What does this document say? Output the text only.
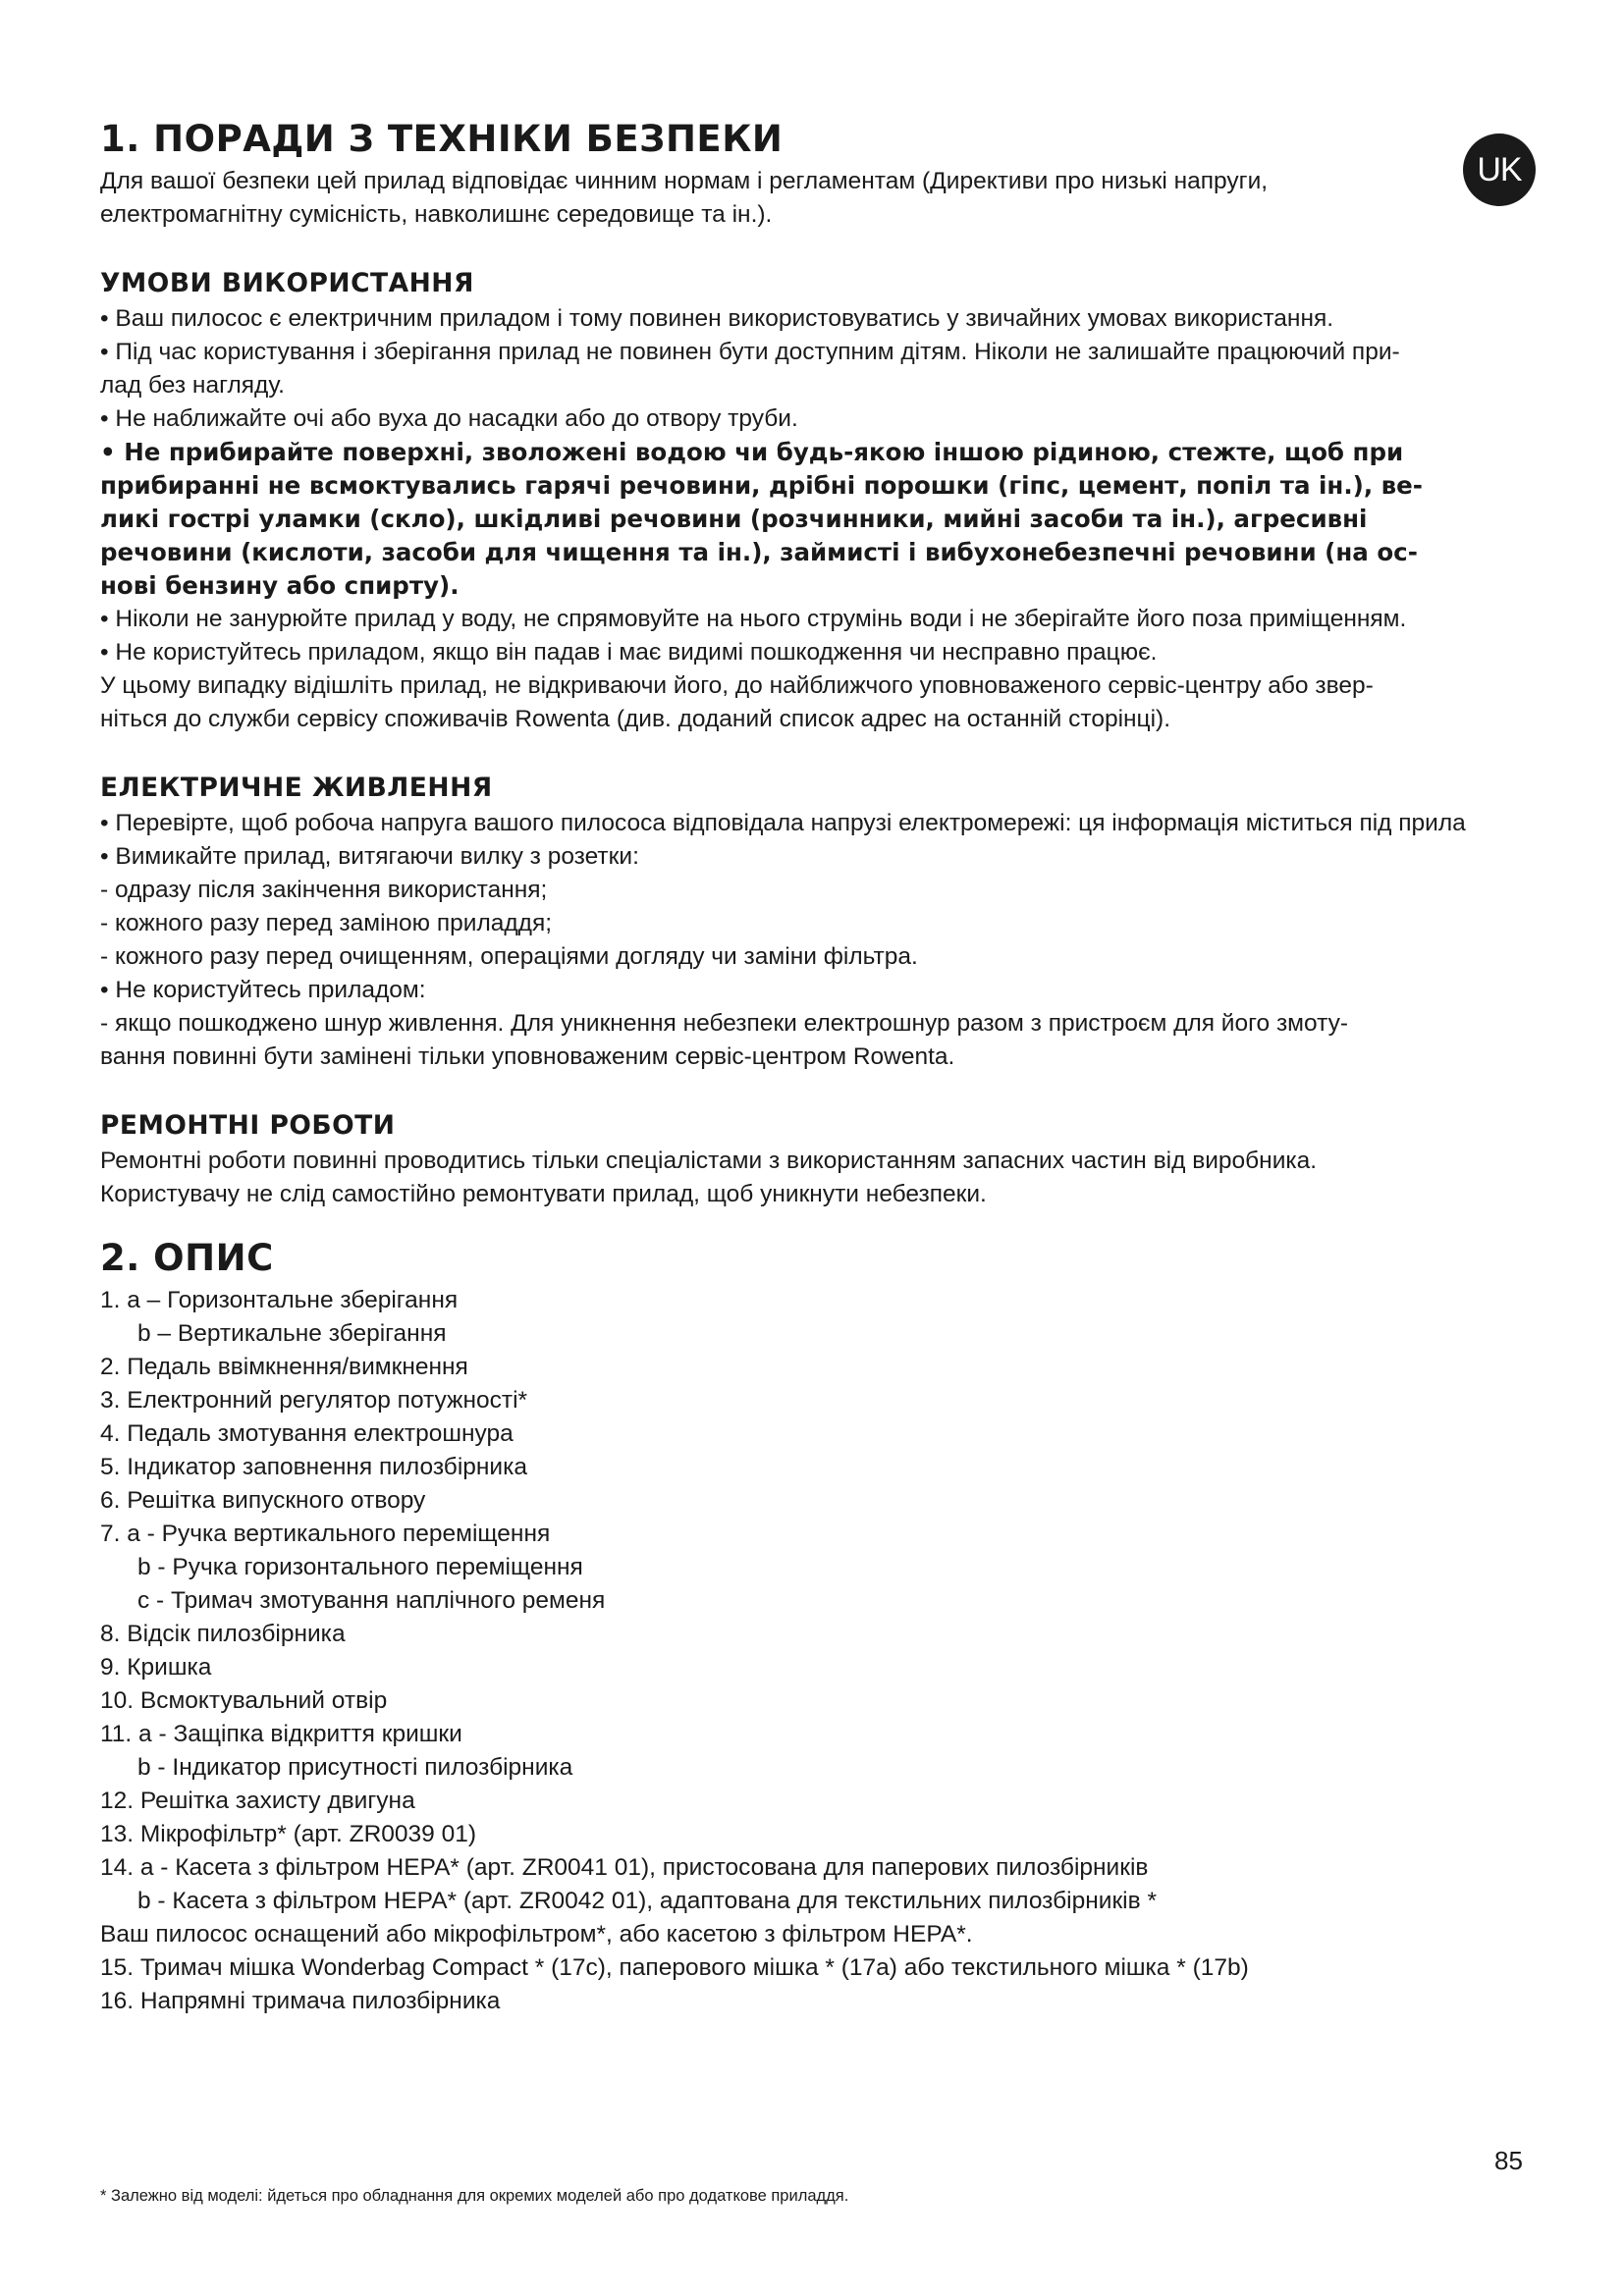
UK
1. ПОРАДИ З ТЕХНІКИ БЕЗПЕКИ

Для вашої безпеки цей прилад відповідає чинним нормам і регламентам (Директиви про низькі напруги,

електромагнітну сумісність, навколишнє середовище та ін.).

УМОВИ ВИКОРИСТАННЯ

• Ваш пилосос є електричним приладом і тому повинен використовуватись у звичайних умовах використання.

• Під час користування і зберігання прилад не повинен бути доступним дітям. Ніколи не залишайте працюючий при-

лад без нагляду.

• Не наближайте очі або вуха до насадки або до отвору труби.

• Не прибирайте поверхні, зволожені водою чи будь-якою іншою рідиною, стежте, щоб при

прибиранні не всмоктувались гарячі речовини, дрібні порошки (гіпс, цемент, попіл та ін.), ве-

ликі гострі уламки (скло), шкідливі речовини (розчинники, мийні засоби та ін.), агресивні

речовини (кислоти, засоби для чищення та ін.), займисті і вибухонебезпечні речовини (на ос-

нові бензину або спирту).

• Ніколи не занурюйте прилад у воду, не спрямовуйте на нього струмінь води і не зберігайте його поза приміщенням.

• Не користуйтесь приладом, якщо він падав і має видимі пошкодження чи несправно працює.

У цьому випадку відішліть прилад, не відкриваючи його, до найближчого уповноваженого сервіс-центру або звер-

ніться до служби сервісу споживачів Rowenta (див. доданий список адрес на останній сторінці).

ЕЛЕКТРИЧНЕ ЖИВЛЕННЯ

• Перевірте, щоб робоча напруга вашого пилососа відповідала напрузі електромережі: ця інформація міститься під прила

• Вимикайте прилад, витягаючи вилку з розетки:

- одразу після закінчення використання;

- кожного разу перед заміною приладдя;

- кожного разу перед очищенням, операціями догляду чи заміни фільтра.

• Не користуйтесь приладом:

- якщо пошкоджено шнур живлення. Для уникнення небезпеки електрошнур разом з пристроєм для його змоту-

вання повинні бути замінені тільки уповноваженим сервіс-центром Rowenta.

РЕМОНТНІ РОБОТИ

Ремонтні роботи повинні проводитись тільки спеціалістами з використанням запасних частин від виробника.

Користувачу не слід самостійно ремонтувати прилад, щоб уникнути небезпеки.

2. ОПИС
1. a – Горизонтальне зберігання
b – Вертикальне зберігання
2. Педаль ввімкнення/вимкнення
3. Електронний регулятор потужності*
4. Педаль змотування електрошнура
5. Індикатор заповнення пилозбірника
6. Решітка випускного отвору
7. a - Ручка вертикального переміщення
b - Ручка горизонтального переміщення
c - Тримач змотування наплічного ременя
8. Відсік пилозбірника
9. Кришка
10. Всмоктувальний отвір
11. a - Защіпка відкриття кришки
b - Індикатор присутності пилозбірника
12. Решітка захисту двигуна
13. Мікрофільтр* (арт. ZR0039 01)
14. a - Касета з фільтром HEPA* (арт. ZR0041 01), пристосована для паперових пилозбірників
b - Касета з фільтром HEPA* (арт. ZR0042 01), адаптована для текстильних пилозбірників *
Ваш пилосос оснащений або мікрофільтром*, або касетою з фільтром HEPA*.
15. Тримач мішка Wonderbag Compact * (17c), паперового мішка * (17a) або текстильного мішка * (17b)
16. Напрямні тримача пилозбірника
85
* Залежно від моделі: йдеться про обладнання для окремих моделей або про додаткове приладдя.
